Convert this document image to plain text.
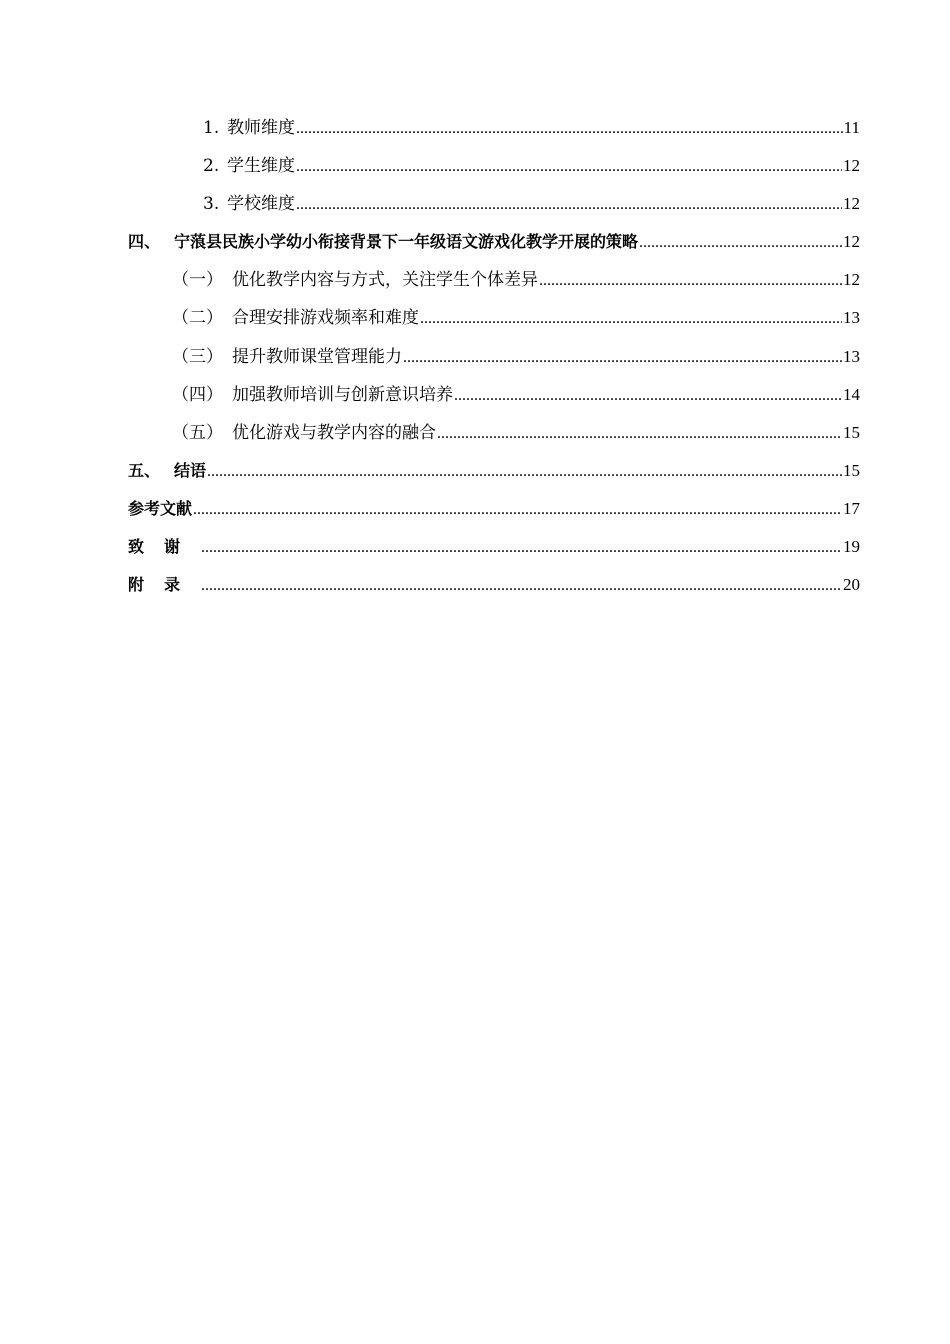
1. 教师维度 .....	11
2. 学生维度 .....	12
3. 学校维度 .....	12
四、 宁蒗县民族小学幼小衔接背景下一年级语文游戏化教学开展的策略 .....	12
（一） 优化教学内容与方式，关注学生个体差异 .....	12
（二） 合理安排游戏频率和难度 .....	13
（三） 提升教师课堂管理能力 .....	13
（四） 加强教师培训与创新意识培养 .....	14
（五） 优化游戏与教学内容的融合 .....	15
五、 结语 .....	15
参考文献 .....	17
致谢 .....	19
附录 .....	20
